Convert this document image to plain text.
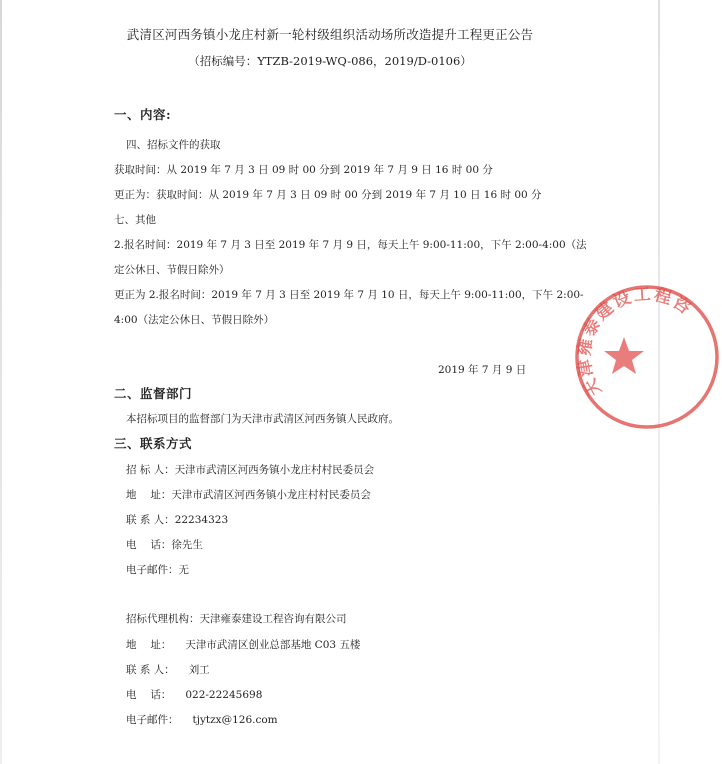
武清区河西务镇小龙庄村新一轮村级组织活动场所改造提升工程更正公告
（招标编号：YTZB-2019-WQ-086，2019/D-0106）
一、内容:
四、招标文件的获取
获取时间：从 2019 年 7 月 3 日 09 时 00 分到 2019 年 7 月 9 日 16 时 00 分
更正为：获取时间：从 2019 年 7 月 3 日 09 时 00 分到 2019 年 7 月 10 日 16 时 00 分
七、其他
2.报名时间：2019 年 7 月 3 日至 2019 年 7 月 9 日，每天上午 9:00-11:00，下午 2:00-4:00（法
定公休日、节假日除外）
更正为 2.报名时间：2019 年 7 月 3 日至 2019 年 7 月 10 日，每天上午 9:00-11:00，下午 2:00-
4:00（法定公休日、节假日除外）
2019 年 7 月 9 日
二、监督部门
本招标项目的监督部门为天津市武清区河西务镇人民政府。
三、联系方式
招 标 人：天津市武清区河西务镇小龙庄村村民委员会
地　 址：天津市武清区河西务镇小龙庄村村民委员会
联 系 人：22234323
电　 话：徐先生
电子邮件：无
招标代理机构：天津雍泰建设工程咨询有限公司
地　 址： 天津市武清区创业总部基地 C03 五楼
联 系 人： 刘工
电　 话： 022-22245698
电子邮件： tjytzx@126.com
天津雍泰建设工程咨
